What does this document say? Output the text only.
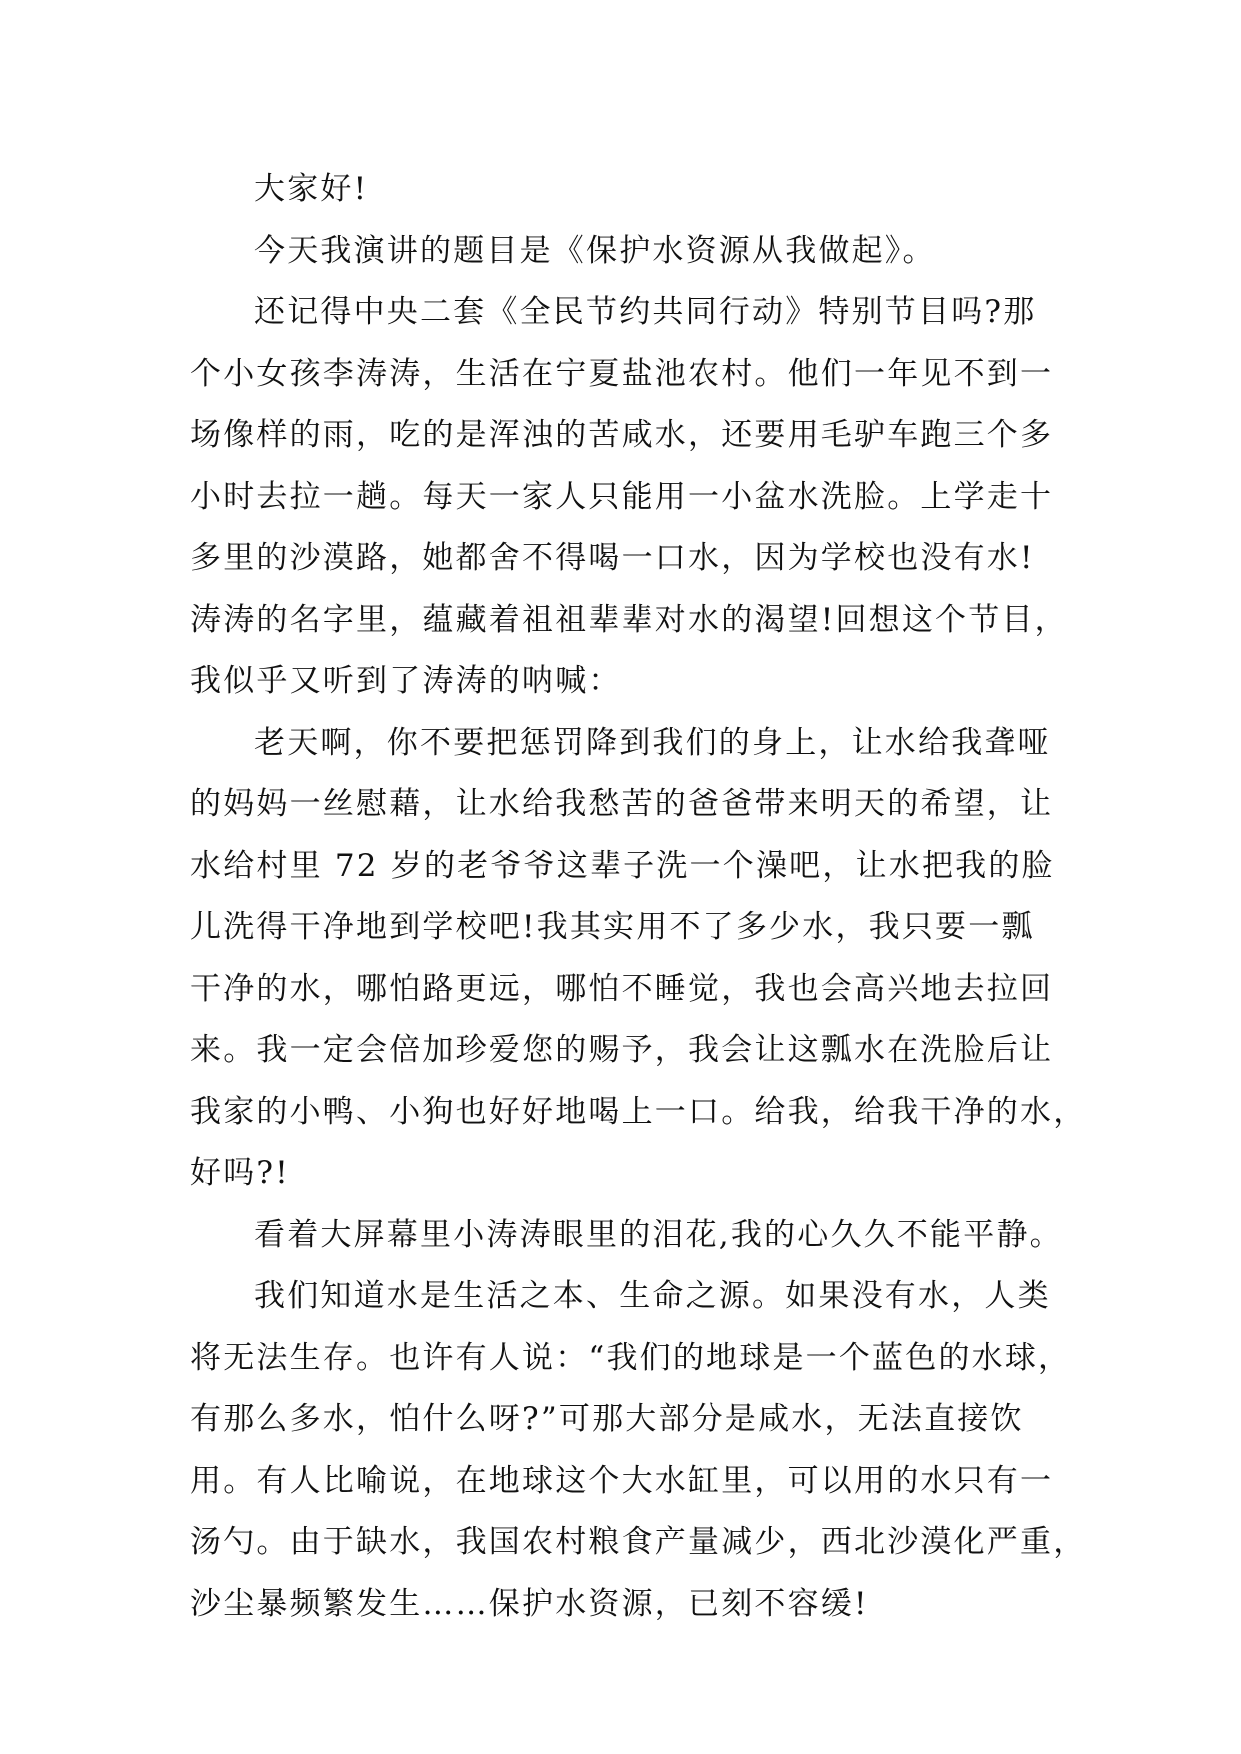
大家好!
今天我演讲的题目是《保护水资源从我做起》。
还记得中央二套《全民节约共同行动》特别节目吗?那
个小女孩李涛涛，生活在宁夏盐池农村。他们一年见不到一
场像样的雨，吃的是浑浊的苦咸水，还要用毛驴车跑三个多
小时去拉一趟。每天一家人只能用一小盆水洗脸。上学走十
多里的沙漠路，她都舍不得喝一口水，因为学校也没有水!
涛涛的名字里，蕴藏着祖祖辈辈对水的渴望!回想这个节目，
我似乎又听到了涛涛的呐喊：
老天啊，你不要把惩罚降到我们的身上，让水给我聋哑
的妈妈一丝慰藉，让水给我愁苦的爸爸带来明天的希望，让
水给村里 72 岁的老爷爷这辈子洗一个澡吧，让水把我的脸
儿洗得干净地到学校吧!我其实用不了多少水，我只要一瓢
干净的水，哪怕路更远，哪怕不睡觉，我也会高兴地去拉回
来。我一定会倍加珍爱您的赐予，我会让这瓢水在洗脸后让
我家的小鸭、小狗也好好地喝上一口。给我，给我干净的水，
好吗?!
看着大屏幕里小涛涛眼里的泪花,我的心久久不能平静。
我们知道水是生活之本、生命之源。如果没有水，人类
将无法生存。也许有人说：“我们的地球是一个蓝色的水球，
有那么多水，怕什么呀?”可那大部分是咸水，无法直接饮
用。有人比喻说，在地球这个大水缸里，可以用的水只有一
汤勺。由于缺水，我国农村粮食产量减少，西北沙漠化严重，
沙尘暴频繁发生……保护水资源，已刻不容缓!
